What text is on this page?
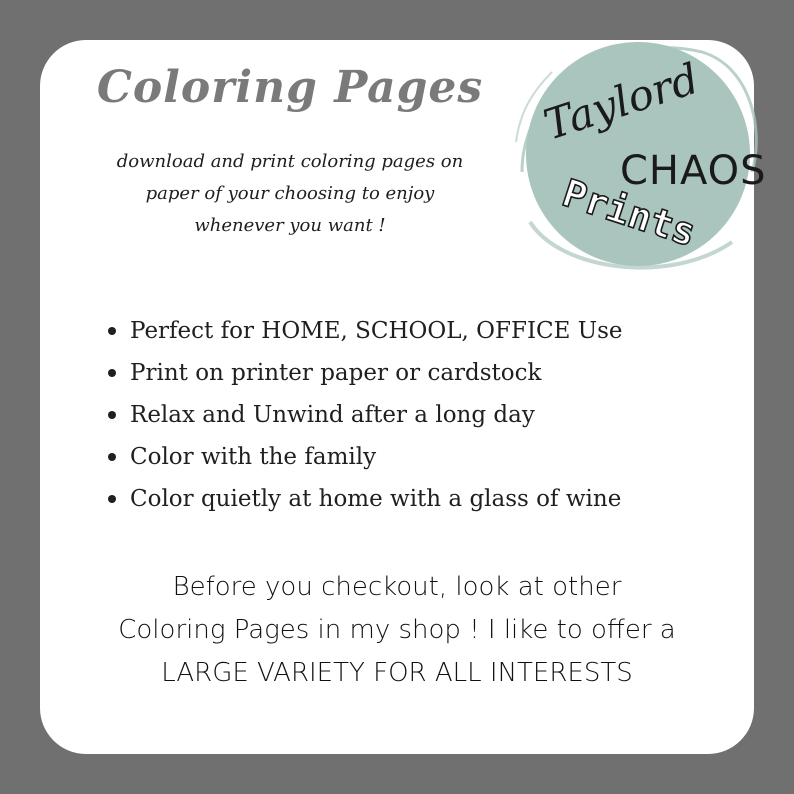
Coloring Pages
download and print coloring pages on
paper of your choosing to enjoy
whenever you want !
Taylord
CHAOS
Prints
Perfect for HOME, SCHOOL, OFFICE Use
Print on printer paper or cardstock
Relax and Unwind after a long day
Color with the family
Color quietly at home with a glass of wine
Before you checkout, look at other
Coloring Pages in my shop ! I like to offer a
LARGE VARIETY FOR ALL INTERESTS
